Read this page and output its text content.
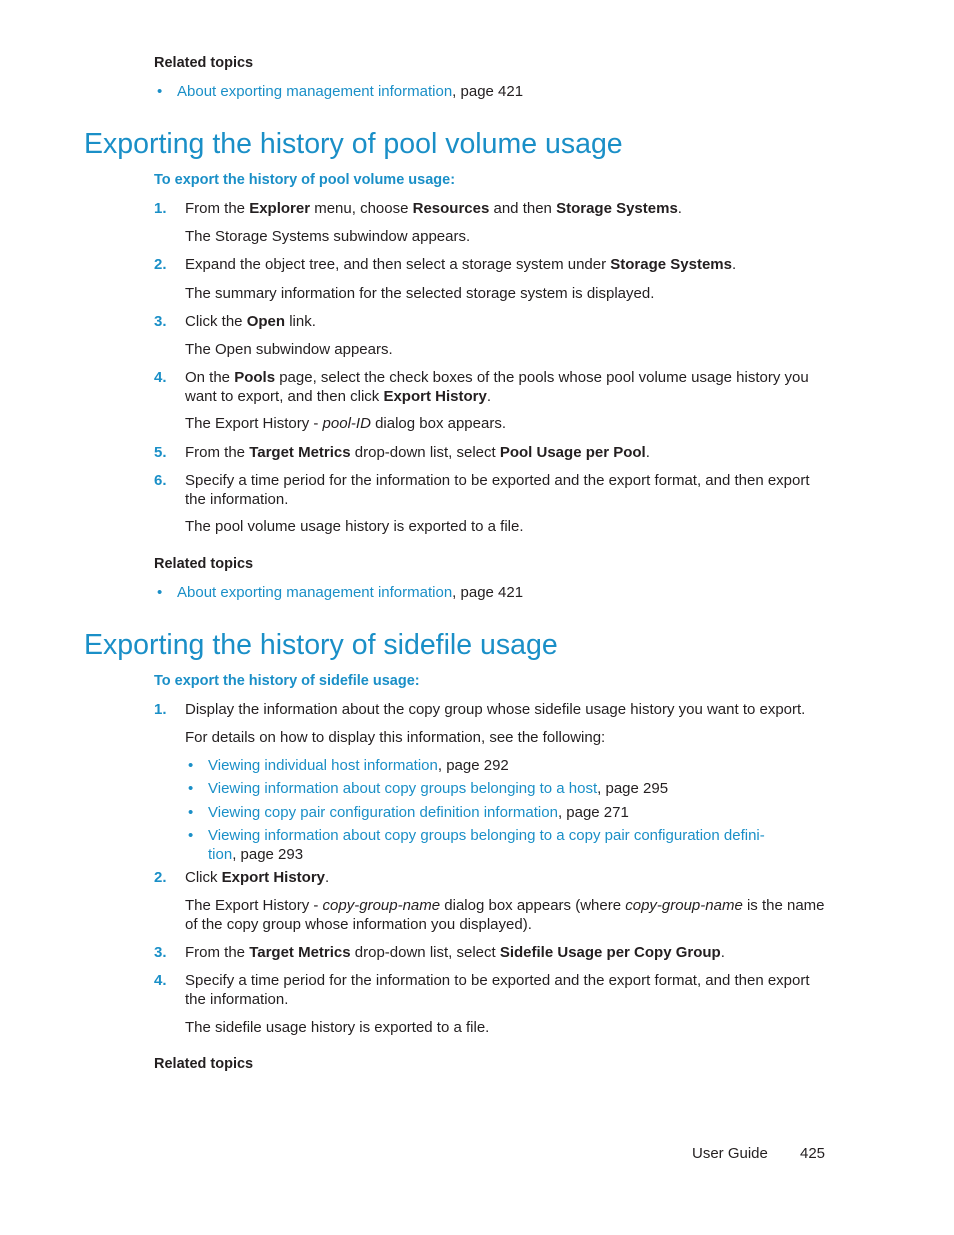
Related topics
• About exporting management information, page 421
Exporting the history of pool volume usage
To export the history of pool volume usage:
1. From the Explorer menu, choose Resources and then Storage Systems.
The Storage Systems subwindow appears.
2. Expand the object tree, and then select a storage system under Storage Systems.
The summary information for the selected storage system is displayed.
3. Click the Open link.
The Open subwindow appears.
4. On the Pools page, select the check boxes of the pools whose pool volume usage history you want to export, and then click Export History.
The Export History - pool-ID dialog box appears.
5. From the Target Metrics drop-down list, select Pool Usage per Pool.
6. Specify a time period for the information to be exported and the export format, and then export the information.
The pool volume usage history is exported to a file.
Related topics
• About exporting management information, page 421
Exporting the history of sidefile usage
To export the history of sidefile usage:
1. Display the information about the copy group whose sidefile usage history you want to export.
For details on how to display this information, see the following:
• Viewing individual host information, page 292
• Viewing information about copy groups belonging to a host, page 295
• Viewing copy pair configuration definition information, page 271
• Viewing information about copy groups belonging to a copy pair configuration defini-
tion, page 293
2. Click Export History.
The Export History - copy-group-name dialog box appears (where copy-group-name is the name of the copy group whose information you displayed).
3. From the Target Metrics drop-down list, select Sidefile Usage per Copy Group.
4. Specify a time period for the information to be exported and the export format, and then export the information.
The sidefile usage history is exported to a file.
Related topics
User Guide 425
